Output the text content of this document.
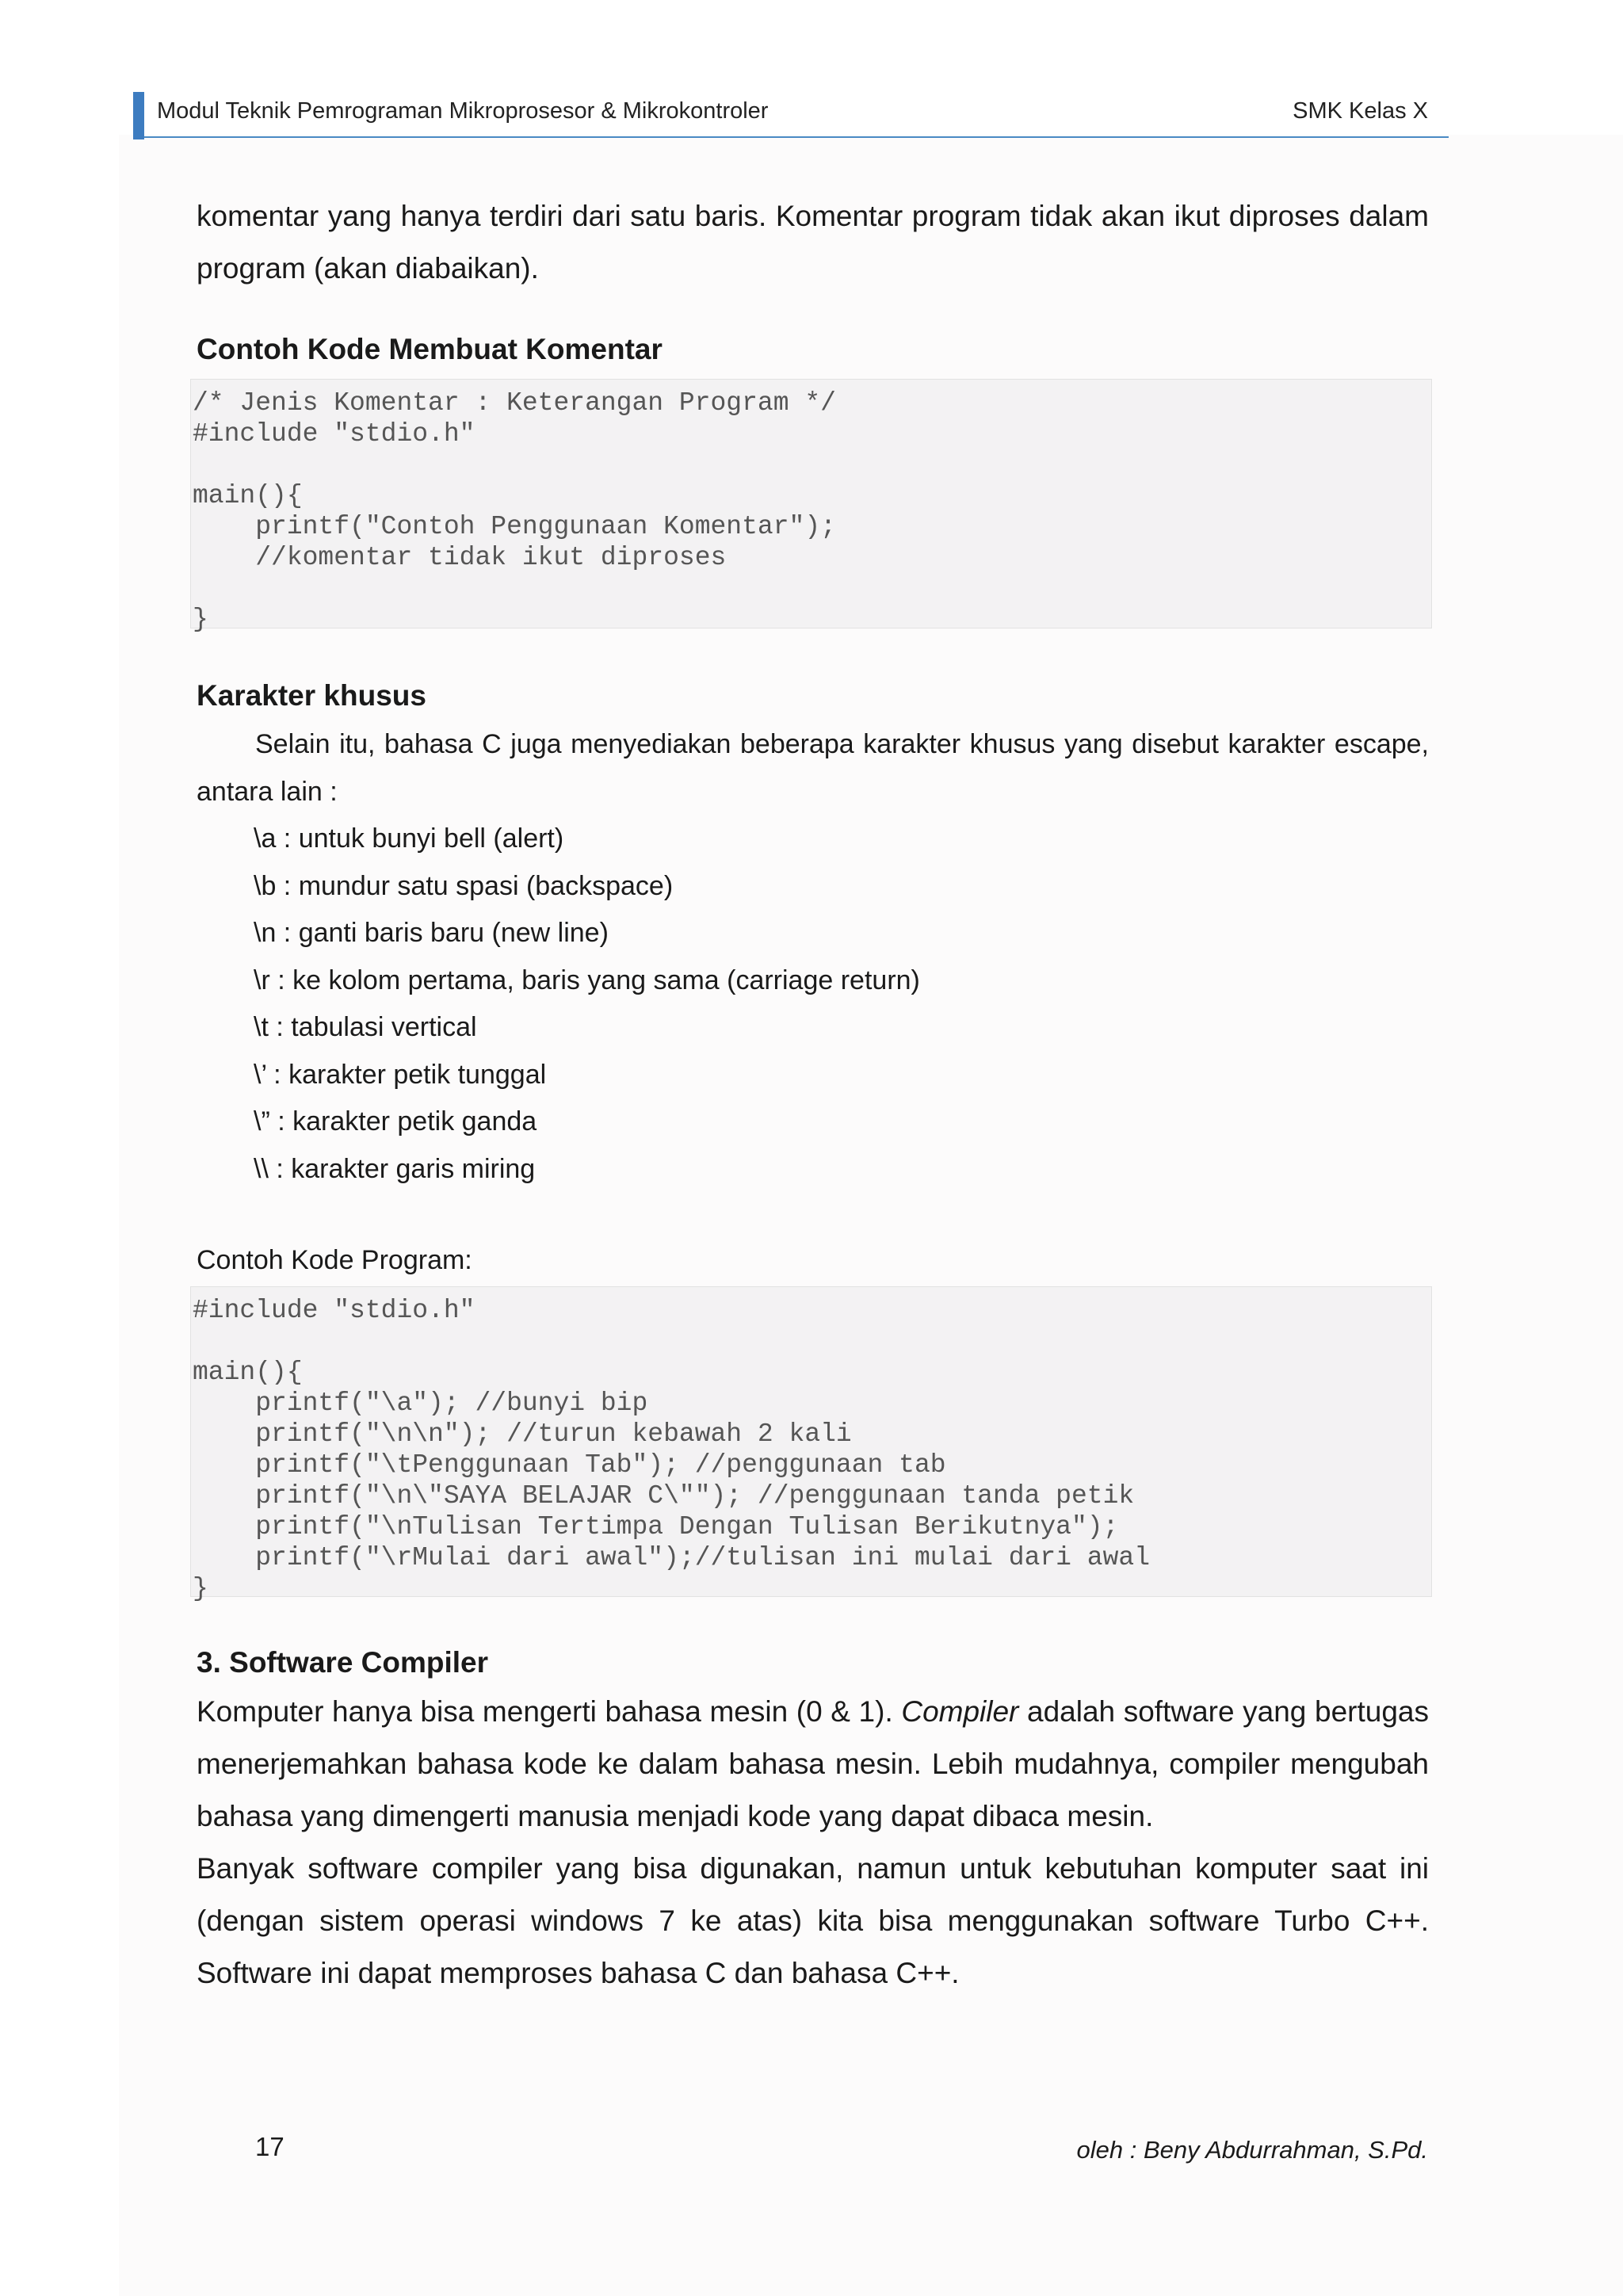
Modul Teknik Pemrograman Mikroprosesor & Mikrokontroler	SMK Kelas X

komentar yang hanya terdiri dari satu baris. Komentar program tidak akan ikut diproses dalam program (akan diabaikan).

Contoh Kode Membuat Komentar
/* Jenis Komentar : Keterangan Program */
#include "stdio.h"

main(){
printf("Contoh Penggunaan Komentar");
//komentar tidak ikut diproses

}
Karakter khusus

Selain itu, bahasa C juga menyediakan beberapa karakter khusus yang disebut karakter escape, antara lain :

\a : untuk bunyi bell (alert)
\b : mundur satu spasi (backspace)
\n : ganti baris baru (new line)
\r : ke kolom pertama, baris yang sama (carriage return)
\t : tabulasi vertical
\’ : karakter petik tunggal
\” : karakter petik ganda
\\ : karakter garis miring
Contoh Kode Program:
#include "stdio.h"

main(){
printf("\a"); //bunyi bip
printf("\n\n"); //turun kebawah 2 kali
printf("\tPenggunaan Tab"); //penggunaan tab
printf("\n\"SAYA BELAJAR C\""); //penggunaan tanda petik
printf("\nTulisan Tertimpa Dengan Tulisan Berikutnya");
printf("\rMulai dari awal");//tulisan ini mulai dari awal
}
3. Software Compiler

Komputer hanya bisa mengerti bahasa mesin (0 & 1). Compiler adalah software yang bertugas menerjemahkan bahasa kode ke dalam bahasa mesin. Lebih mudahnya, compiler mengubah bahasa yang dimengerti manusia menjadi kode yang dapat dibaca mesin.

Banyak software compiler yang bisa digunakan, namun untuk kebutuhan komputer saat ini (dengan sistem operasi windows 7 ke atas) kita bisa menggunakan software Turbo C++. Software ini dapat memproses bahasa C dan bahasa C++.

17	oleh : Beny Abdurrahman, S.Pd.
